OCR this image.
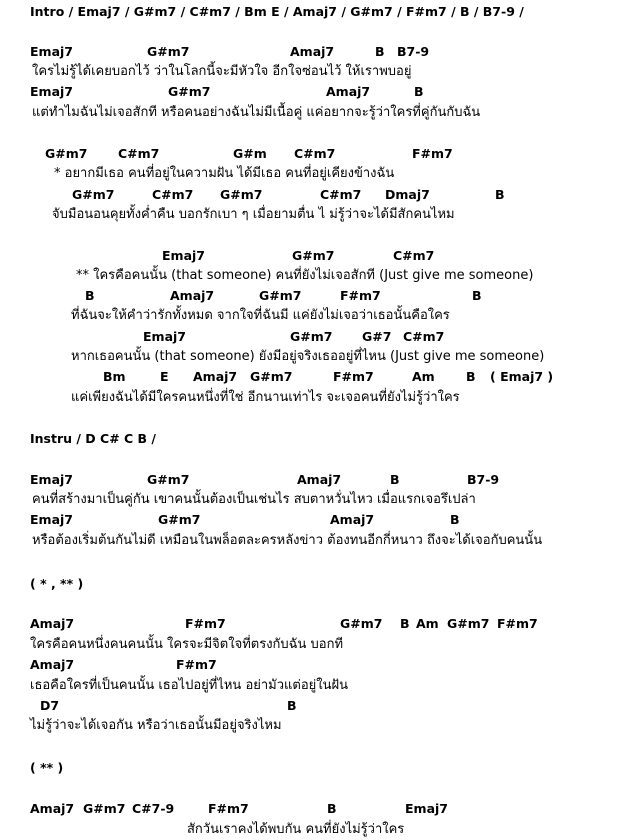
Intro / Emaj7 / G#m7 / C#m7 / Bm E / Amaj7 / G#m7 / F#m7 / B / B7-9 /
Emaj7	G#m7	Amaj7	B B7-9
ใครไม่รู้ได้เคยบอกไว้ ว่าในโลกนี้จะมีหัวใจ อีกใจซ่อนไว้ ให้เราพบอยู่
Emaj7	G#m7	Amaj7	B
แต่ทำไมฉันไม่เจอสักที หรือคนอย่างฉันไม่มีเนื้อคู่ แค่อยากจะรู้ว่าใครที่คู่กันกับฉัน
G#m7 C#m7	G#m C#m7	F#m7
* อยากมีเธอ คนที่อยู่ในความฝัน ได้มีเธอ คนที่อยู่เคียงข้างฉัน
G#m7	C#m7 G#m7	C#m7 Dmaj7	B
จับมือนอนคุยทั้งค่ำคืน บอกรักเบา ๆ เมื่อยามตื่น ไ ม่รู้ว่าจะได้มีสักคนไหม
Emaj7	G#m7	C#m7
** ใครคือคนนั้น (that someone) คนที่ยังไม่เจอสักที (Just give me someone)
B	Amaj7	G#m7	F#m7	B
ที่ฉันจะให้คำว่ารักทั้งหมด จากใจที่ฉันมี แค่ยังไม่เจอว่าเธอนั้นคือใคร
Emaj7	G#m7 G#7 C#m7
หากเธอคนนั้น (that someone) ยังมีอยู่จริงเธออยู่ที่ไหน (Just give me someone)
Bm	E Amaj7 G#m7	F#m7	Am	B ( Emaj7 )
แค่เพียงฉันได้มีใครคนหนึ่งที่ใช่ อีกนานเท่าไร จะเจอคนที่ยังไม่รู้ว่าใคร
Instru / D C# C B /
Emaj7	G#m7	Amaj7	B	B7-9
คนที่สร้างมาเป็นคู่กัน เขาคนนั้นต้องเป็นเช่นไร สบตาหวั่นไหว เมื่อแรกเจอรึเปล่า
Emaj7	G#m7	Amaj7	B
หรือต้องเริ่มต้นกันไม่ดี เหมือนในพล็อตละครหลังข่าว ต้องทนอีกกี่หนาว ถึงจะได้เจอกับคนนั้น
( * , ** )
Amaj7	F#m7	G#m7 B Am G#m7 F#m7
ใครคือคนหนึ่งคนคนนั้น ใครจะมีจิตใจที่ตรงกับฉัน บอกที
Amaj7	F#m7
เธอคือใครที่เป็นคนนั้น เธอไปอยู่ที่ไหน อย่ามัวแต่อยู่ในฝัน
D7	B
ไม่รู้ว่าจะได้เจอกัน หรือว่าเธอนั้นมีอยู่จริงไหม
( ** )
Amaj7 G#m7 C#7-9	F#m7	B	Emaj7
สักวันเราคงได้พบกัน คนที่ยังไม่รู้ว่าใคร
